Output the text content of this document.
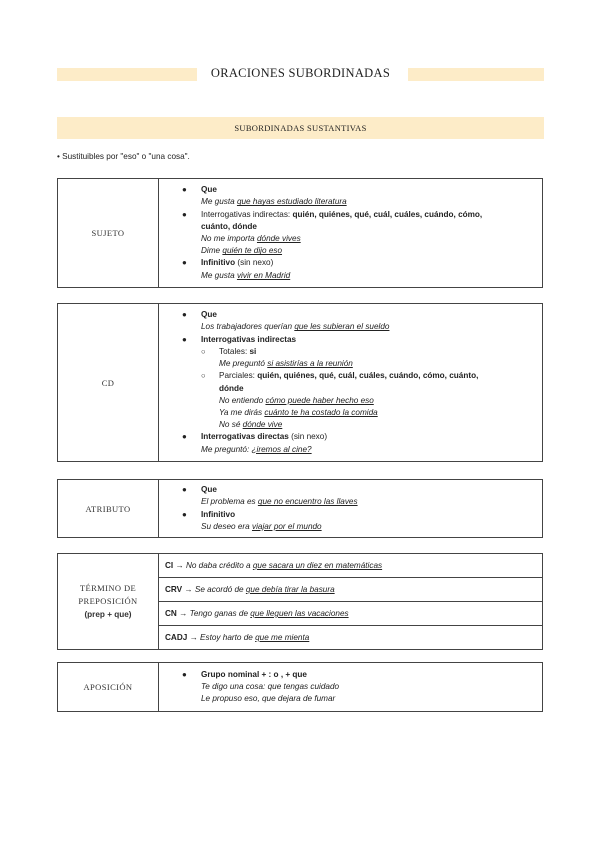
ORACIONES SUBORDINADAS
SUBORDINADAS SUSTANTIVAS
• Sustituibles por "eso" o "una cosa".
SUJETO	
● Que
Me gusta que hayas estudiado literatura
● Interrogativas indirectas: quién, quiénes, qué, cuál, cuáles, cuándo, cómo,
cuánto, dónde
No me importa dónde vives
Dime quién te dijo eso
● Infinitivo (sin nexo)
Me gusta vivir en Madrid
CD	
● Que
Los trabajadores querían que les subieran el sueldo
● Interrogativas indirectas
○ Totales: si
Me preguntó si asistirías a la reunión
○ Parciales: quién, quiénes, qué, cuál, cuáles, cuándo, cómo, cuánto,
dónde
No entiendo cómo puede haber hecho eso
Ya me dirás cuánto te ha costado la comida
No sé dónde vive
● Interrogativas directas (sin nexo)
Me preguntó: ¿iremos al cine?
ATRIBUTO	
● Que
El problema es que no encuentro las llaves
● Infinitivo
Su deseo era viajar por el mundo
TÉRMINO DE
PREPOSICIÓN
(prep + que)
	CI → No daba crédito a que sacara un diez en matemáticas
CRV → Se acordó de que debía tirar la basura
CN → Tengo ganas de que lleguen las vacaciones
CADJ → Estoy harto de que me mienta
APOSICIÓN	
● Grupo nominal + : o , + que
Te digo una cosa: que tengas cuidado
Le propuso eso, que dejara de fumar
